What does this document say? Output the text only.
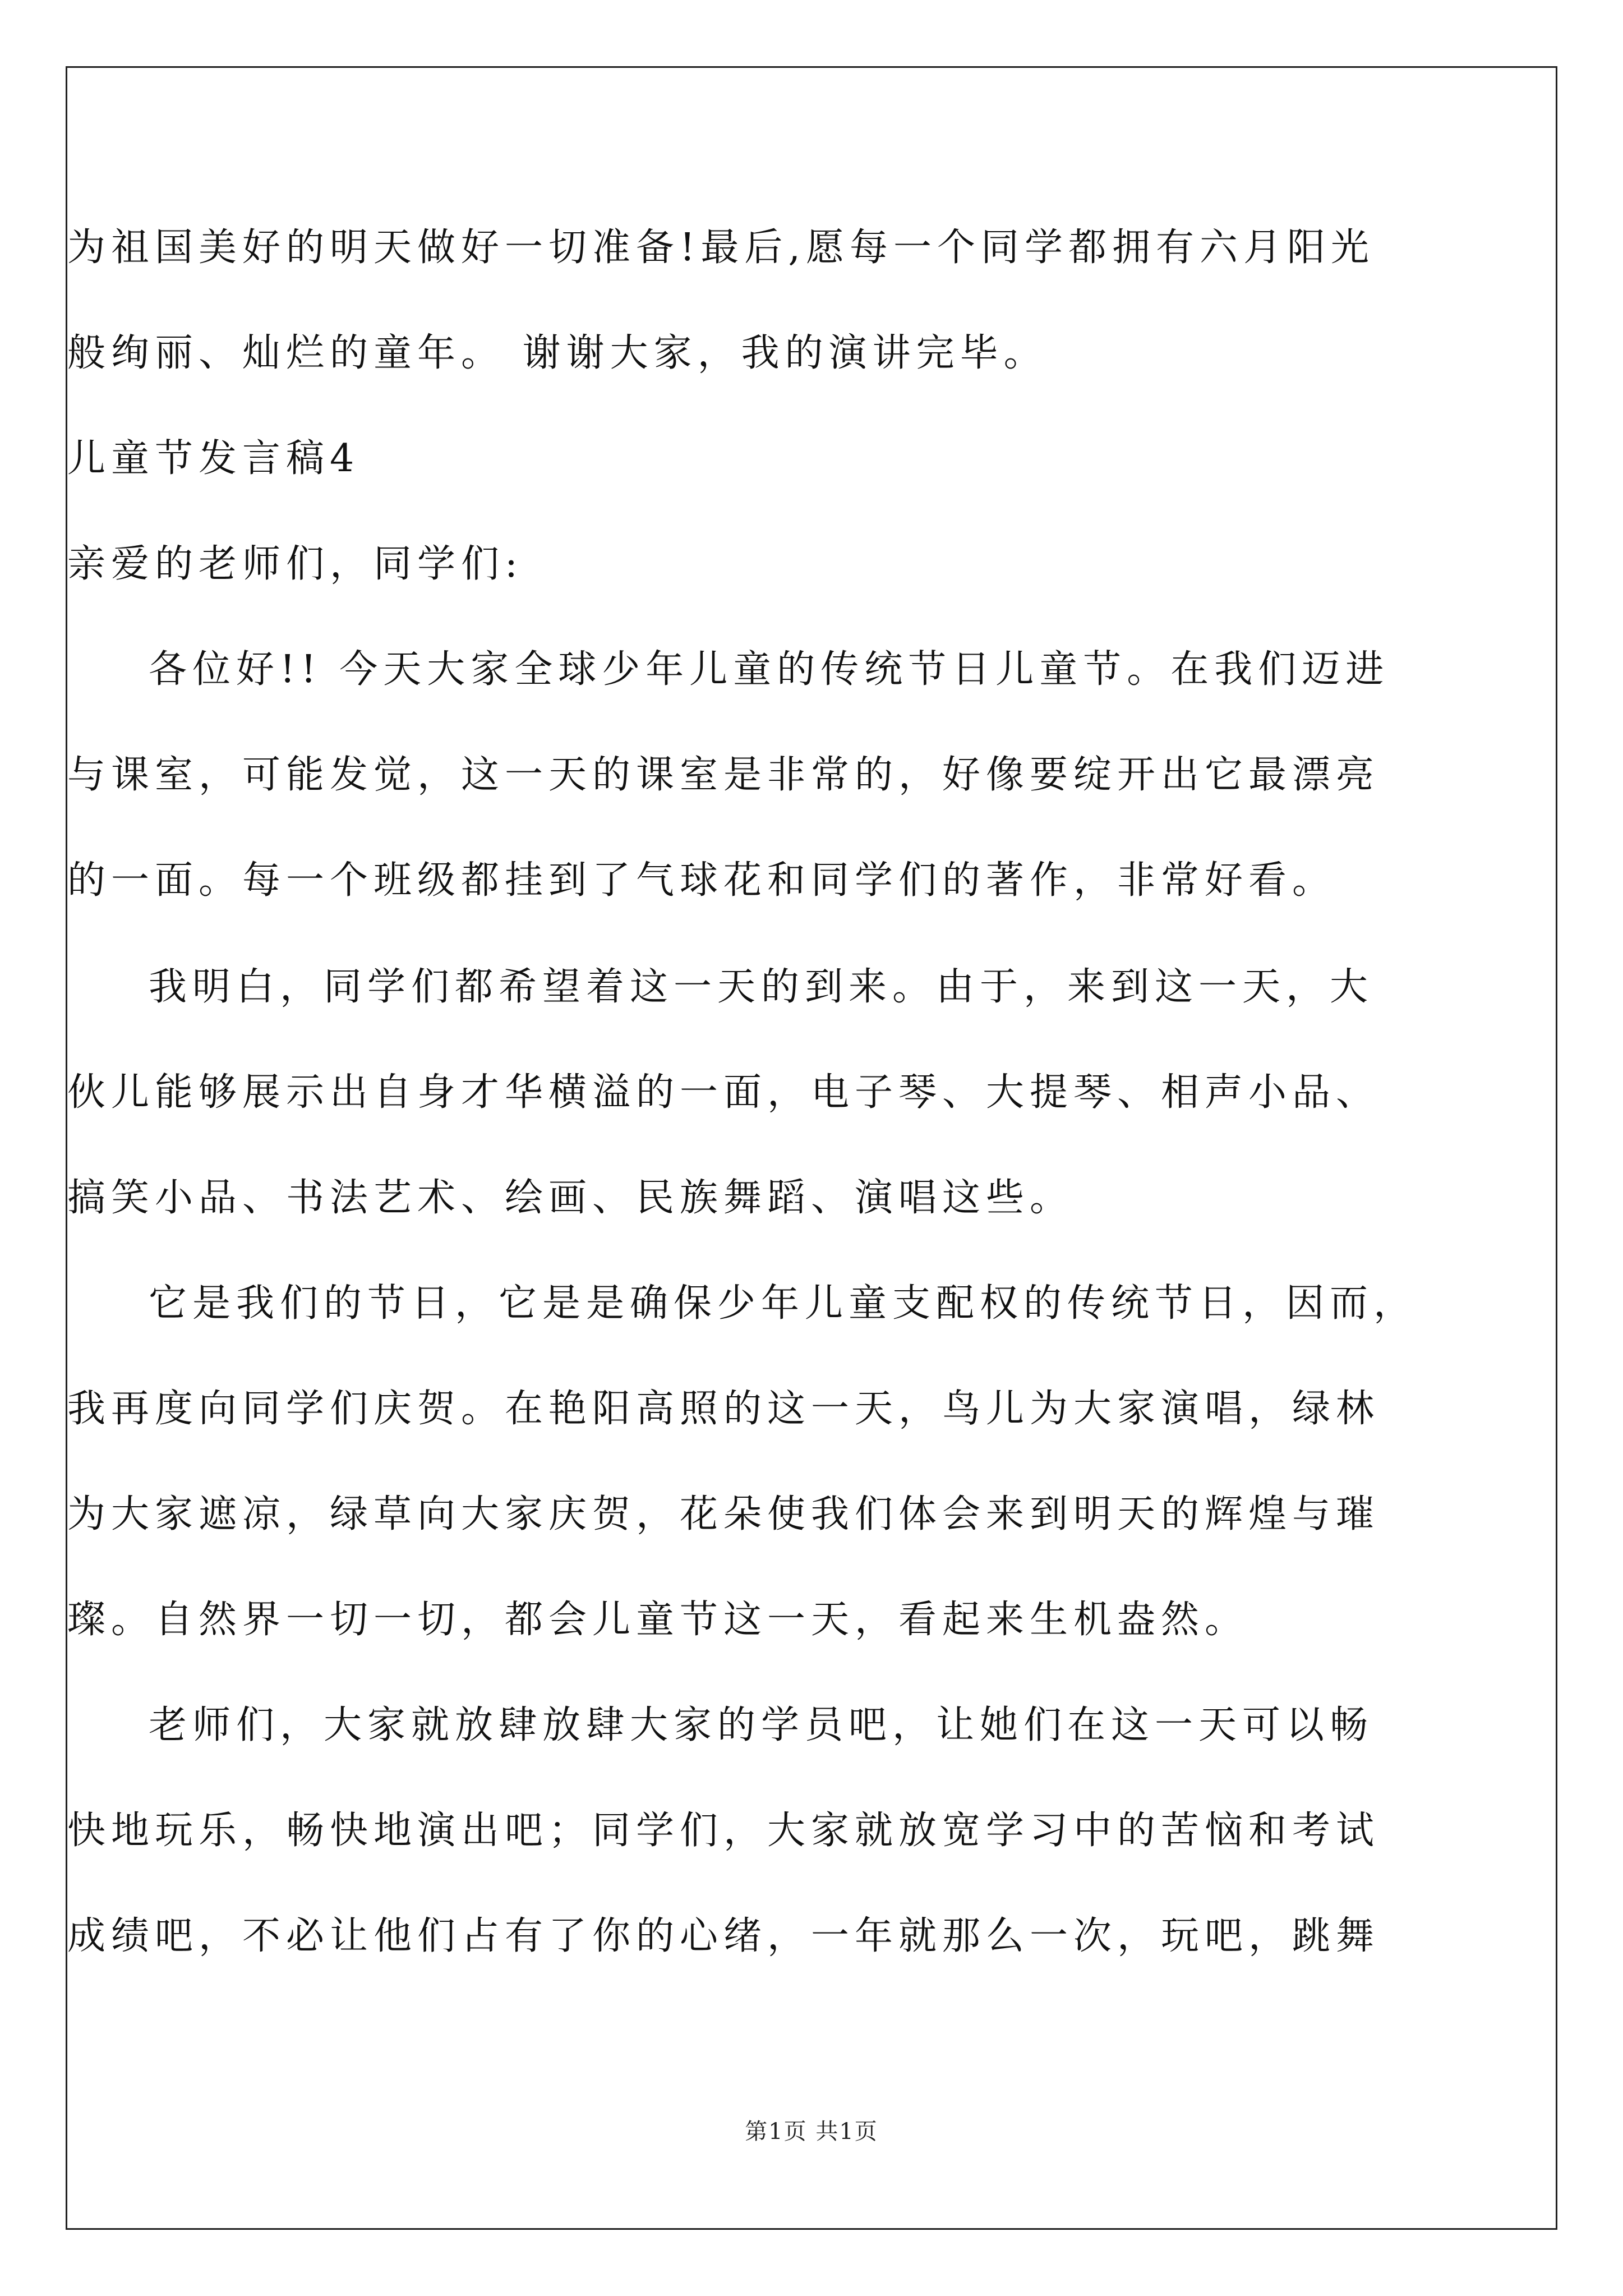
为祖国美好的明天做好一切准备!最后,愿每一个同学都拥有六月阳光
般绚丽、灿烂的童年。 谢谢大家，我的演讲完毕。
儿童节发言稿4
亲爱的老师们，同学们:
各位好!! 今天大家全球少年儿童的传统节日儿童节。在我们迈进
与课室，可能发觉，这一天的课室是非常的，好像要绽开出它最漂亮
的一面。每一个班级都挂到了气球花和同学们的著作，非常好看。
我明白，同学们都希望着这一天的到来。由于，来到这一天，大
伙儿能够展示出自身才华横溢的一面，电子琴、大提琴、相声小品、
搞笑小品、书法艺术、绘画、民族舞蹈、演唱这些。
它是我们的节日，它是是确保少年儿童支配权的传统节日，因而，
我再度向同学们庆贺。在艳阳高照的这一天，鸟儿为大家演唱，绿林
为大家遮凉，绿草向大家庆贺，花朵使我们体会来到明天的辉煌与璀
璨。自然界一切一切，都会儿童节这一天，看起来生机盎然。
老师们，大家就放肆放肆大家的学员吧，让她们在这一天可以畅
快地玩乐，畅快地演出吧；同学们，大家就放宽学习中的苦恼和考试
成绩吧，不必让他们占有了你的心绪，一年就那么一次，玩吧，跳舞
第1页 共1页
